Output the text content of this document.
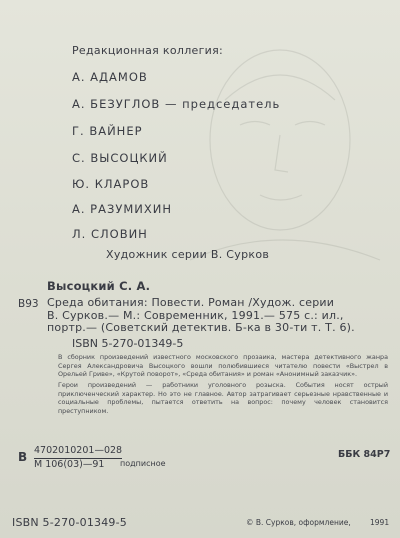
Редакционная коллегия:
А. АДАМОВ
А. БЕЗУГЛОВ — председатель
Г. ВАЙНЕР
С. ВЫСОЦКИЙ
Ю. КЛАРОВ
А. РАЗУМИХИН
Л. СЛОВИН
Художник серии В. Сурков
Высоцкий С. А.
В93 Среда обитания: Повести. Роман /Худож. серии
В. Сурков.— М.: Современник, 1991.— 575 с.: ил.,
портр.— (Советский детектив. Б-ка в 30-ти т. Т. 6).
ISBN 5-270-01349-5

В сборник произведений известного московского прозаика, мастера детективного жанра Сергея Александровича Высоцкого вошли полюбившиеся читателю повести «Выстрел в Орельей Гриве», «Крутой поворот», «Среда обитания» и роман «Анонимный заказчик».

Герои произведений — работники уголовного розыска. События носят острый приключенческий характер. Но это не главное. Автор затрагивает серьезные нравственные и социальные проблемы, пытается ответить на вопрос: почему человек становится преступником.

В 4702010201—028
М 106(03)—91	подписное
ББК 84Р7
ISBN 5-270-01349-5	© В. Сурков, оформление,	1991
